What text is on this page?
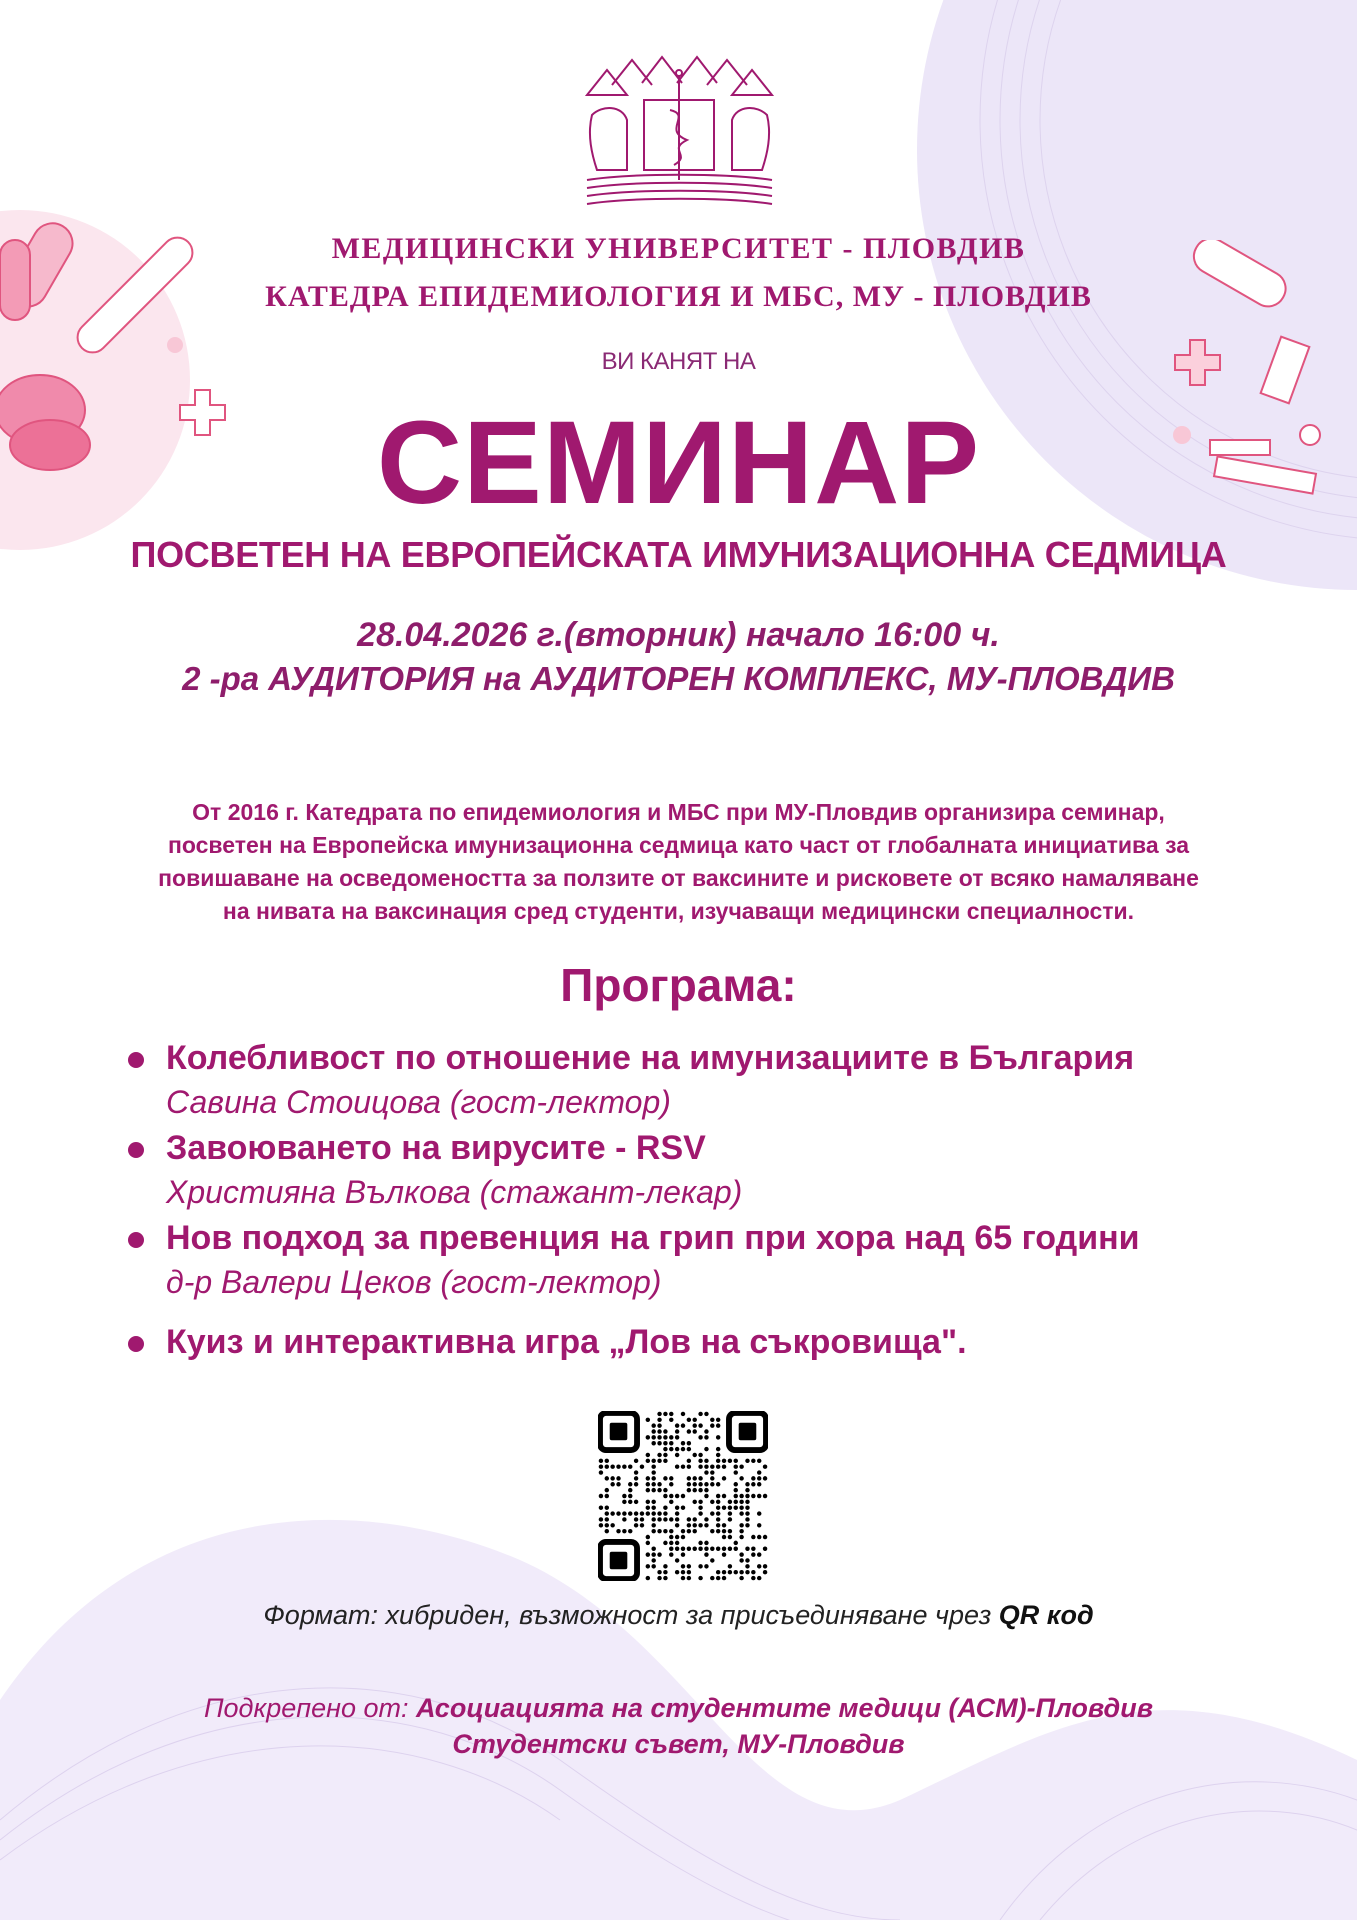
МЕДИЦИНСКИ УНИВЕРСИТЕТ - ПЛОВДИВ
КАТЕДРА ЕПИДЕМИОЛОГИЯ И МБС, МУ - ПЛОВДИВ
ВИ КАНЯТ НА
СЕМИНАР
ПОСВЕТЕН НА ЕВРОПЕЙСКАТА ИМУНИЗАЦИОННА СЕДМИЦА
28.04.2026 г.(вторник) начало 16:00 ч.
2 -ра АУДИТОРИЯ на АУДИТОРЕН КОМПЛЕКС, МУ-ПЛОВДИВ
От 2016 г. Катедрата по епидемиология и МБС при МУ-Пловдив организира семинар,
посветен на Европейска имунизационна седмица като част от глобалната инициатива за
повишаване на осведомеността за ползите от ваксините и рисковете от всяко намаляване
на нивата на ваксинация сред студенти, изучаващи медицински специалности.
Програма:
Колебливост по отношение на имунизациите в България
Савина Стоицова (гост-лектор)
Завоюването на вирусите - RSV
Християна Вълкова (стажант-лекар)
Нов подход за превенция на грип при хора над 65 години
д-р Валери Цеков (гост-лектор)
Куиз и интерактивна игра „Лов на съкровища".
Формат: хибриден, възможност за присъединяване чрез QR код
Подкрепено от: Асоциацията на студентите медици (АСМ)-Пловдив
Студентски съвет, МУ-Пловдив
